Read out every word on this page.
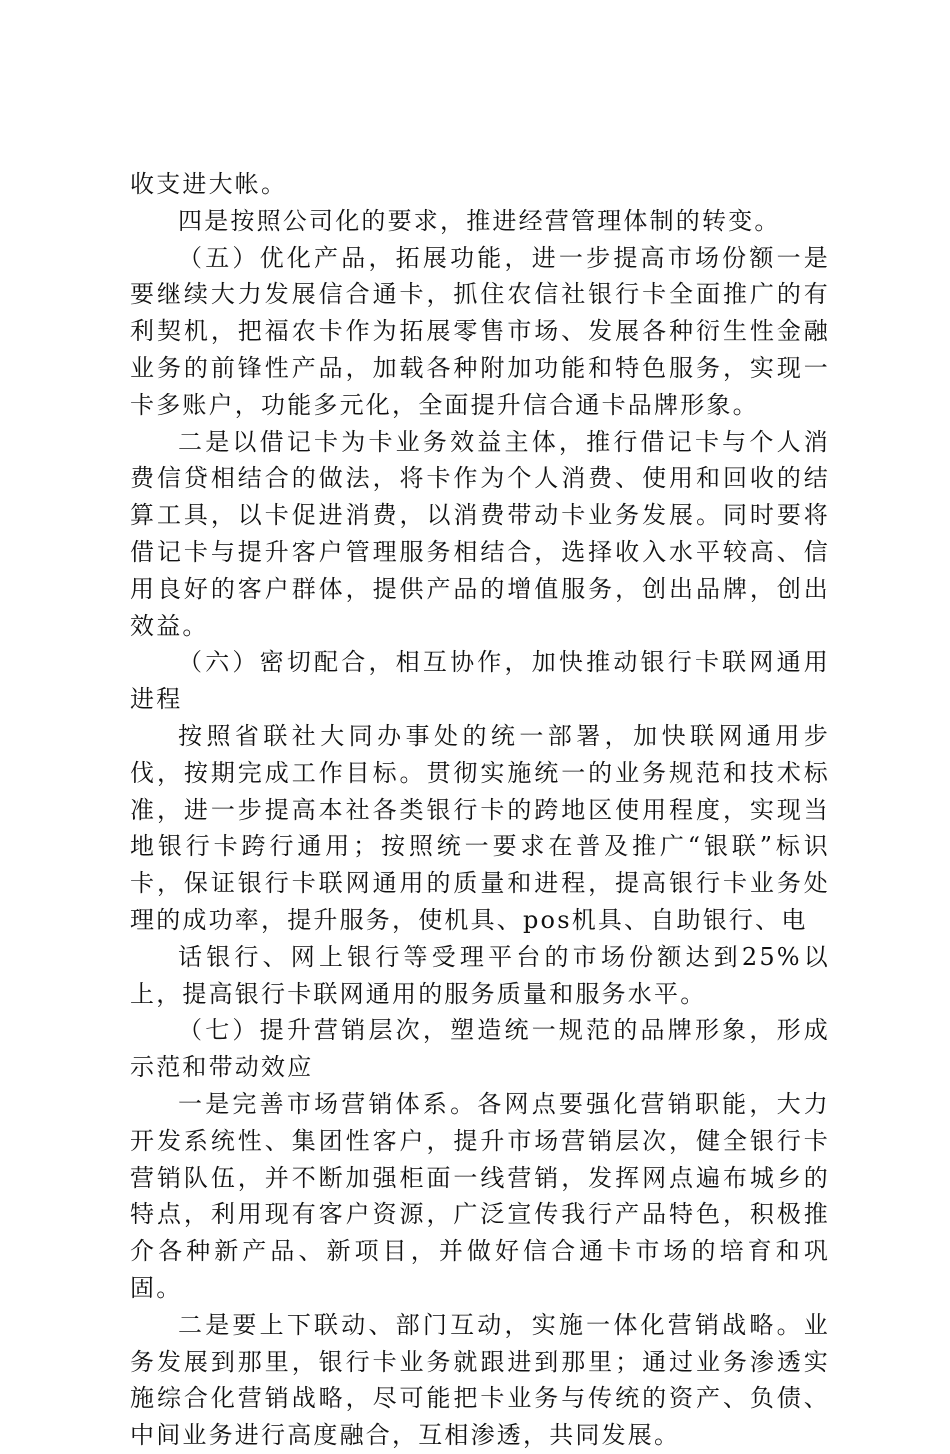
收支进大帐。

四是按照公司化的要求，推进经营管理体制的转变。

（五）优化产品，拓展功能，进一步提高市场份额一是要继续大力发展信合通卡，抓住农信社银行卡全面推广的有利契机，把福农卡作为拓展零售市场、发展各种衍生性金融业务的前锋性产品，加载各种附加功能和特色服务，实现一卡多账户，功能多元化，全面提升信合通卡品牌形象。

二是以借记卡为卡业务效益主体，推行借记卡与个人消费信贷相结合的做法，将卡作为个人消费、使用和回收的结算工具，以卡促进消费，以消费带动卡业务发展。同时要将借记卡与提升客户管理服务相结合，选择收入水平较高、信用良好的客户群体，提供产品的增值服务，创出品牌，创出效益。

（六）密切配合，相互协作，加快推动银行卡联网通用进程

按照省联社大同办事处的统一部署，加快联网通用步伐，按期完成工作目标。贯彻实施统一的业务规范和技术标准，进一步提高本社各类银行卡的跨地区使用程度，实现当地银行卡跨行通用；按照统一要求在普及推广“银联”标识卡，保证银行卡联网通用的质量和进程，提高银行卡业务处理的成功率，提升服务，使机具、pos机具、自助银行、电

话银行、网上银行等受理平台的市场份额达到25%以上，提高银行卡联网通用的服务质量和服务水平。

（七）提升营销层次，塑造统一规范的品牌形象，形成示范和带动效应

一是完善市场营销体系。各网点要强化营销职能，大力开发系统性、集团性客户，提升市场营销层次，健全银行卡营销队伍，并不断加强柜面一线营销，发挥网点遍布城乡的特点，利用现有客户资源，广泛宣传我行产品特色，积极推介各种新产品、新项目，并做好信合通卡市场的培育和巩固。

二是要上下联动、部门互动，实施一体化营销战略。业务发展到那里，银行卡业务就跟进到那里；通过业务渗透实施综合化营销战略，尽可能把卡业务与传统的资产、负债、中间业务进行高度融合，互相渗透，共同发展。
